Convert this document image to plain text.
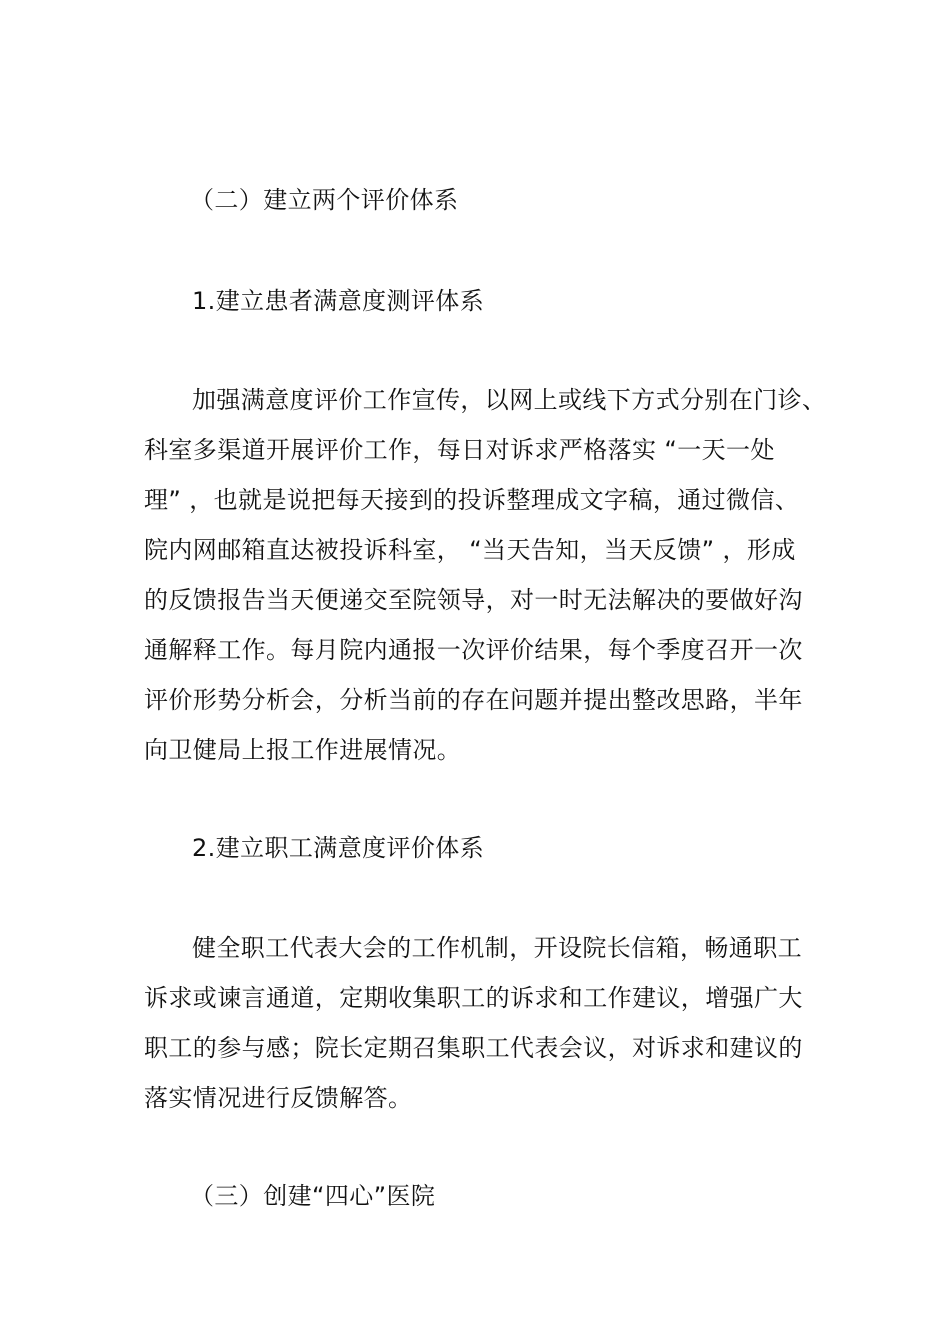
（二）建立两个评价体系
1.建立患者满意度测评体系
加强满意度评价工作宣传，以网上或线下方式分别在门诊、
科室多渠道开展评价工作，每日对诉求严格落实 “一天一处
理” ，也就是说把每天接到的投诉整理成文字稿，通过微信、
院内网邮箱直达被投诉科室， “当天告知，当天反馈” ，形成
的反馈报告当天便递交至院领导，对一时无法解决的要做好沟
通解释工作。每月院内通报一次评价结果，每个季度召开一次
评价形势分析会，分析当前的存在问题并提出整改思路，半年
向卫健局上报工作进展情况。
2.建立职工满意度评价体系
健全职工代表大会的工作机制，开设院长信箱，畅通职工
诉求或谏言通道，定期收集职工的诉求和工作建议，增强广大
职工的参与感；院长定期召集职工代表会议，对诉求和建议的
落实情况进行反馈解答。
（三）创建“四心”医院
